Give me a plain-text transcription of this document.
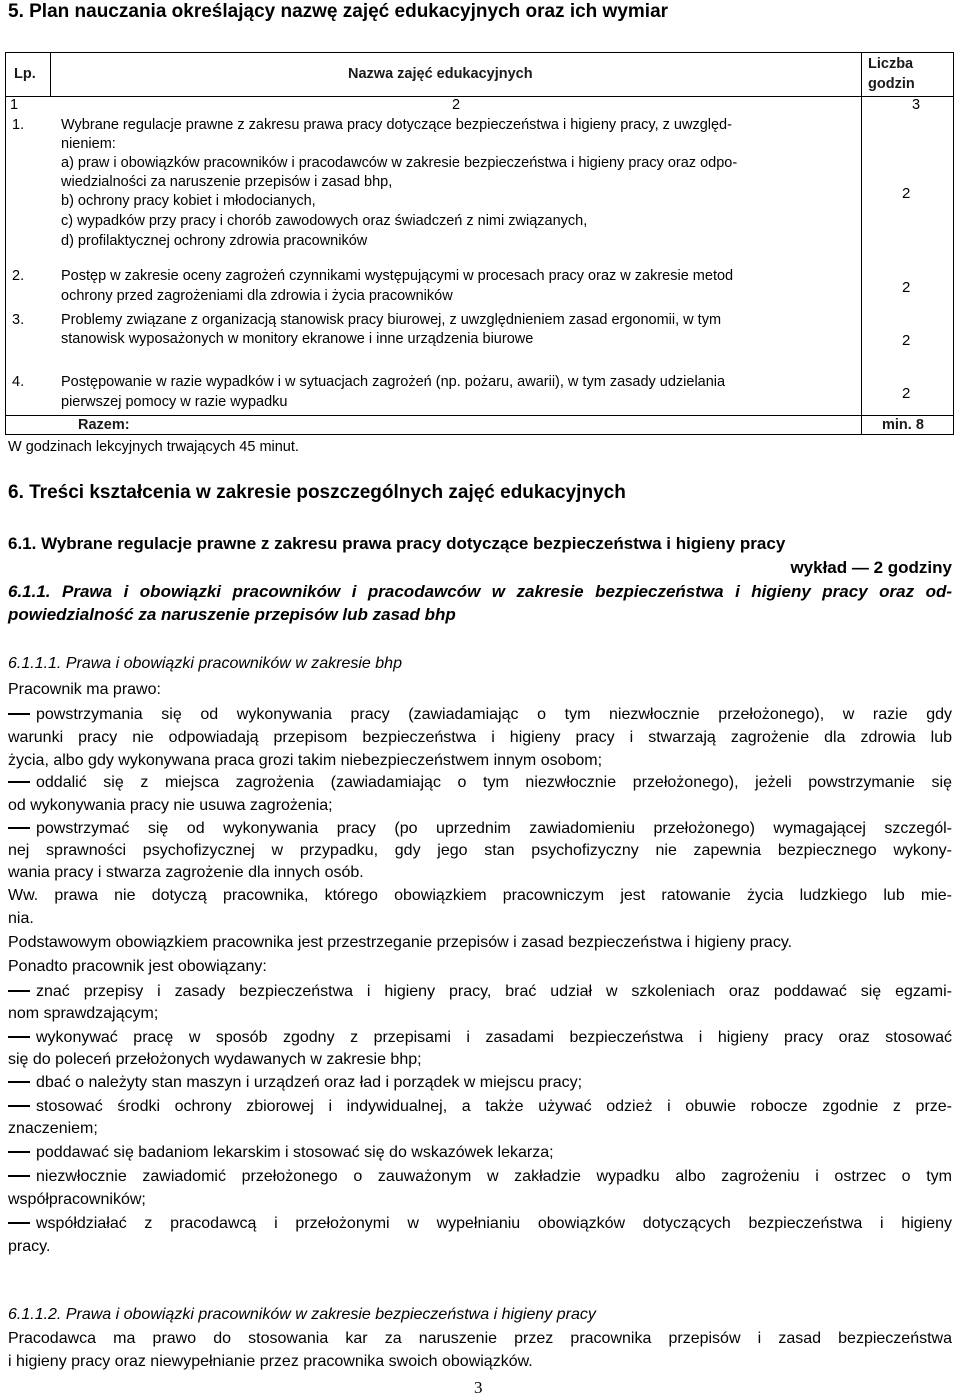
5. Plan nauczania określający nazwę zajęć edukacyjnych oraz ich wymiar
Lp.	Nazwa zajęć edukacyjnych
Liczba
godzin
1	2	3
1.	Wybrane regulacje prawne z zakresu prawa pracy dotyczące bezpieczeństwa i higieny pracy, z uwzględ-
nieniem:
a) praw i obowiązków pracowników i pracodawców w zakresie bezpieczeństwa i higieny pracy oraz odpo-
wiedzialności za naruszenie przepisów i zasad bhp,
b) ochrony pracy kobiet i młodocianych,
c) wypadków przy pracy i chorób zawodowych oraz świadczeń z nimi związanych,
d) profilaktycznej ochrony zdrowia pracowników
2
2.	Postęp w zakresie oceny zagrożeń czynnikami występującymi w procesach pracy oraz w zakresie metod
ochrony przed zagrożeniami dla zdrowia i życia pracowników	2
3.	Problemy związane z organizacją stanowisk pracy biurowej, z uwzględnieniem zasad ergonomii, w tym
stanowisk wyposażonych w monitory ekranowe i inne urządzenia biurowe	2
4.	Postępowanie w razie wypadków i w sytuacjach zagrożeń (np. pożaru, awarii), w tym zasady udzielania
pierwszej pomocy w razie wypadku	2
Razem:	min. 8
W godzinach lekcyjnych trwających 45 minut.
6. Treści kształcenia w zakresie poszczególnych zajęć edukacyjnych
6.1. Wybrane regulacje prawne z zakresu prawa pracy dotyczące bezpieczeństwa i higieny pracy
wykład — 2 godziny
6.1.1. Prawa i obowiązki pracowników i pracodawców w zakresie bezpieczeństwa i higieny pracy oraz od-
powiedzialność za naruszenie przepisów lub zasad bhp
6.1.1.1. Prawa i obowiązki pracowników w zakresie bhp
Pracownik ma prawo:
powstrzymania się od wykonywania pracy (zawiadamiając o tym niezwłocznie przełożonego), w razie gdy
warunki pracy nie odpowiadają przepisom bezpieczeństwa i higieny pracy i stwarzają zagrożenie dla zdrowia lub
życia, albo gdy wykonywana praca grozi takim niebezpieczeństwem innym osobom;
oddalić się z miejsca zagrożenia (zawiadamiając o tym niezwłocznie przełożonego), jeżeli powstrzymanie się
od wykonywania pracy nie usuwa zagrożenia;
powstrzymać się od wykonywania pracy (po uprzednim zawiadomieniu przełożonego) wymagającej szczegól-
nej sprawności psychofizycznej w przypadku, gdy jego stan psychofizyczny nie zapewnia bezpiecznego wykony-
wania pracy i stwarza zagrożenie dla innych osób.
Ww. prawa nie dotyczą pracownika, którego obowiązkiem pracowniczym jest ratowanie życia ludzkiego lub mie-
nia.
Podstawowym obowiązkiem pracownika jest przestrzeganie przepisów i zasad bezpieczeństwa i higieny pracy.
Ponadto pracownik jest obowiązany:
znać przepisy i zasady bezpieczeństwa i higieny pracy, brać udział w szkoleniach oraz poddawać się egzami-
nom sprawdzającym;
wykonywać pracę w sposób zgodny z przepisami i zasadami bezpieczeństwa i higieny pracy oraz stosować
się do poleceń przełożonych wydawanych w zakresie bhp;
dbać o należyty stan maszyn i urządzeń oraz ład i porządek w miejscu pracy;
stosować środki ochrony zbiorowej i indywidualnej, a także używać odzież i obuwie robocze zgodnie z prze-
znaczeniem;
poddawać się badaniom lekarskim i stosować się do wskazówek lekarza;
niezwłocznie zawiadomić przełożonego o zauważonym w zakładzie wypadku albo zagrożeniu i ostrzec o tym
współpracowników;
współdziałać z pracodawcą i przełożonymi w wypełnianiu obowiązków dotyczących bezpieczeństwa i higieny
pracy.
6.1.1.2. Prawa i obowiązki pracowników w zakresie bezpieczeństwa i higieny pracy
Pracodawca ma prawo do stosowania kar za naruszenie przez pracownika przepisów i zasad bezpieczeństwa
i higieny pracy oraz niewypełnianie przez pracownika swoich obowiązków.
3
